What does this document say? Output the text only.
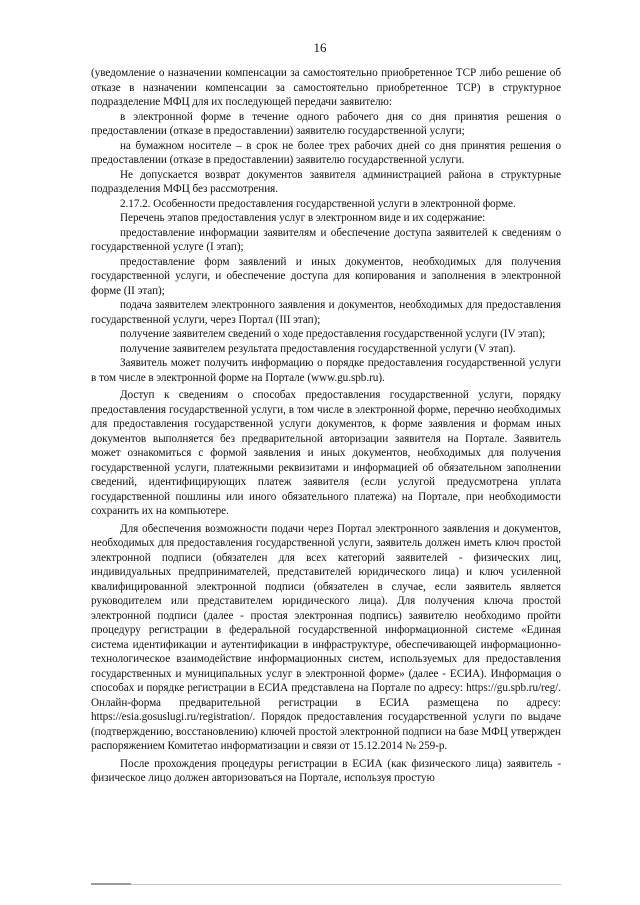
16

(уведомление о назначении компенсации за самостоятельно приобретенное ТСР либо решение об отказе в назначении компенсации за самостоятельно приобретенное ТСР) в структурное подразделение МФЦ для их последующей передачи заявителю:

в электронной форме в течение одного рабочего дня со дня принятия решения о предоставлении (отказе в предоставлении) заявителю государственной услуги;

на бумажном носителе – в срок не более трех рабочих дней со дня принятия решения о предоставлении (отказе в предоставлении) заявителю государственной услуги.

Не допускается возврат документов заявителя администрацией района в структурные подразделения МФЦ без рассмотрения.

2.17.2. Особенности предоставления государственной услуги в электронной форме.

Перечень этапов предоставления услуг в электронном виде и их содержание:

предоставление информации заявителям и обеспечение доступа заявителей к сведениям о государственной услуге (I этап);

предоставление форм заявлений и иных документов, необходимых для получения государственной услуги, и обеспечение доступа для копирования и заполнения в электронной форме (II этап);

подача заявителем электронного заявления и документов, необходимых для предоставления государственной услуги, через Портал (III этап);

получение заявителем сведений о ходе предоставления государственной услуги (IV этап);

получение заявителем результата предоставления государственной услуги (V этап).

Заявитель может получить информацию о порядке предоставления государственной услуги в том числе в электронной форме на Портале (www.gu.spb.ru).

Доступ к сведениям о способах предоставления государственной услуги, порядку предоставления государственной услуги, в том числе в электронной форме, перечню необходимых для предоставления государственной услуги документов, к форме заявления и формам иных документов выполняется без предварительной авторизации заявителя на Портале. Заявитель может ознакомиться с формой заявления и иных документов, необходимых для получения государственной услуги, платежными реквизитами и информацией об обязательном заполнении сведений, идентифицирующих платеж заявителя (если услугой предусмотрена уплата государственной пошлины или иного обязательного платежа) на Портале, при необходимости сохранить их на компьютере.

Для обеспечения возможности подачи через Портал электронного заявления и документов, необходимых для предоставления государственной услуги, заявитель должен иметь ключ простой электронной подписи (обязателен для всех категорий заявителей - физических лиц, индивидуальных предпринимателей, представителей юридического лица) и ключ усиленной квалифицированной электронной подписи (обязателен в случае, если заявитель является руководителем или представителем юридического лица). Для получения ключа простой электронной подписи (далее - простая электронная подпись) заявителю необходимо пройти процедуру регистрации в федеральной государственной информационной системе «Единая система идентификации и аутентификации в инфраструктуре, обеспечивающей информационно-технологическое взаимодействие информационных систем, используемых для предоставления государственных и муниципальных услуг в электронной форме» (далее - ЕСИА). Информация о способах и порядке регистрации в ЕСИА представлена на Портале по адресу: https://gu.spb.ru/reg/. Онлайн-форма предварительной регистрации в ЕСИА размещена по адресу: https://esia.gosuslugi.ru/registration/. Порядок предоставления государственной услуги по выдаче (подтверждению, восстановлению) ключей простой электронной подписи на базе МФЦ утвержден распоряжением Комитетао информатизации и связи от 15.12.2014 № 259-р.

После прохождения процедуры регистрации в ЕСИА (как физического лица) заявитель - физическое лицо должен авторизоваться на Портале, используя простую
